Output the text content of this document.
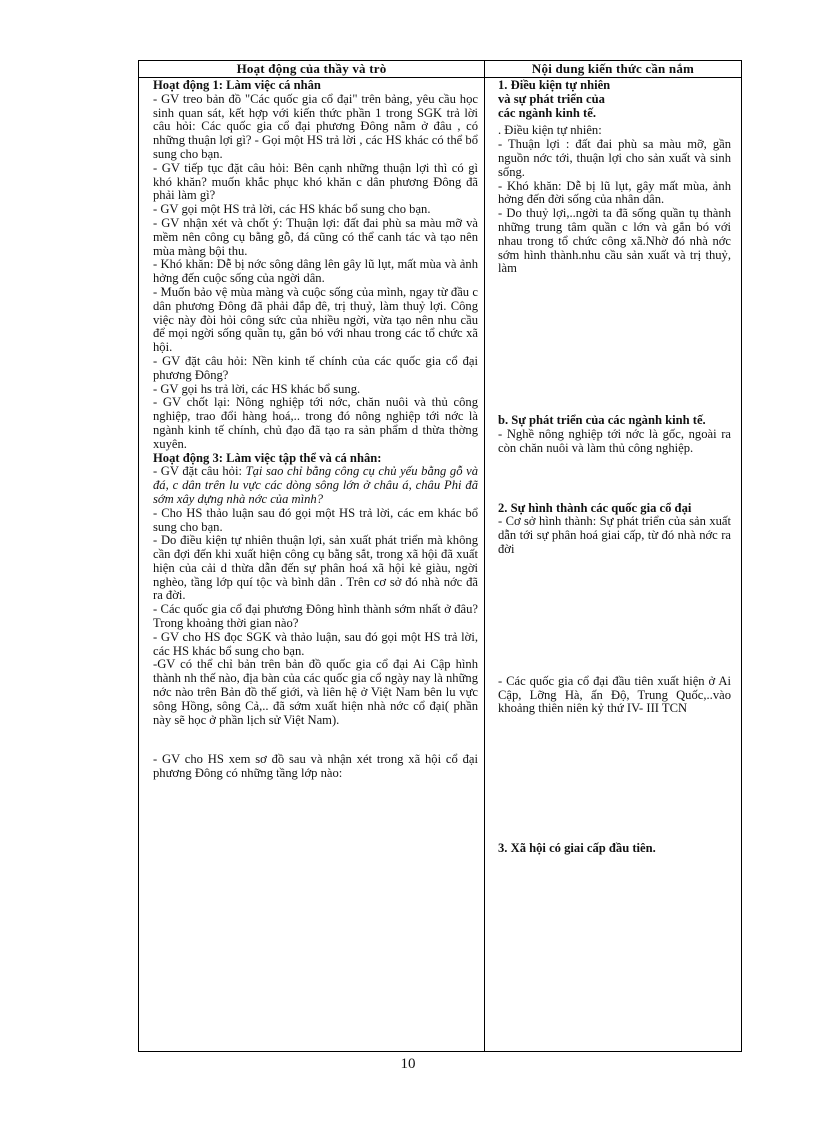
Hoạt động của thầy và trò	Nội dung kiến thức cần nắm

Hoạt động 1: Làm việc cá nhân

- GV treo bản đồ "Các quốc gia cổ đại" trên bảng, yêu cầu học sinh quan sát, kết hợp với kiến thức phần 1 trong SGK trả lời câu hỏi: Các quốc gia cổ đại phương Đông nằm ở đâu , có những thuận lợi gì? - Gọi một HS trả lời , các HS khác có thể bổ sung cho bạn.

- GV tiếp tục đặt câu hỏi: Bên cạnh những thuận lợi thì có gì khó khăn? muốn khắc phục khó khăn c dân phương Đông đã phải làm gì?

- GV gọi một HS trả lời, các HS khác bổ sung cho bạn.

- GV nhận xét và chốt ý: Thuận lợi: đất đai phù sa màu mỡ và mềm nên công cụ bằng gỗ, đá cũng có thể canh tác và tạo nên mùa màng bội thu.

- Khó khăn: Dễ bị nớc sông dâng lên gây lũ lụt, mất mùa và ảnh hởng đến cuộc sống của ngời dân.

- Muốn bảo vệ mùa màng và cuộc sống của mình, ngay từ đầu c dân phương Đông đã phải đắp đê, trị thuỷ, làm thuỷ lợi. Công việc này đòi hỏi công sức của nhiều ngời, vừa tạo nên nhu cầu để mọi ngời sống quần tụ, gắn bó với nhau trong các tổ chức xã hội.

- GV đặt câu hỏi: Nền kinh tế chính của các quốc gia cổ đại phương Đông?

- GV gọi hs trả lời, các HS khác bổ sung.

- GV chốt lại: Nông nghiệp tới nớc, chăn nuôi và thủ công nghiệp, trao đổi hàng hoá,.. trong đó nông nghiệp tới nớc là ngành kinh tế chính, chủ đạo đã tạo ra sản phẩm d thừa thờng xuyên.

Hoạt động 3: Làm việc tập thể và cá nhân:

- GV đặt câu hỏi: Tại sao chỉ bằng công cụ chủ yếu bằng gỗ và đá, c dân trên lu vực các dòng sông lớn ở châu á, châu Phi đã sớm xây dựng nhà nớc của mình?

- Cho HS thảo luận sau đó gọi một HS trả lời, các em khác bổ sung cho bạn.

- Do điều kiện tự nhiên thuận lợi, sản xuất phát triển mà không cần đợi đến khi xuất hiện công cụ bằng sắt, trong xã hội đã xuất hiện của cải d thừa dẫn đến sự phân hoá xã hội kẻ giàu, ngời nghèo, tầng lớp quí tộc và bình dân . Trên cơ sở đó nhà nớc đã ra đời.

- Các quốc gia cổ đại phương Đông hình thành sớm nhất ở đâu? Trong khoảng thời gian nào?

- GV cho HS đọc SGK và thảo luận, sau đó gọi một HS trả lời, các HS khác bổ sung cho bạn.

-GV có thể chỉ bản trên bản đồ quốc gia cổ đại Ai Cập hình thành nh thế nào, địa bàn của các quốc gia cổ ngày nay là những nớc nào trên Bản đồ thế giới, và liên hệ ở Việt Nam bên lu vực sông Hồng, sông Cả,.. đã sớm xuất hiện nhà nớc cổ đại( phần này sẽ học ở phần lịch sử Việt Nam).

- GV cho HS xem sơ đồ sau và nhận xét trong xã hội cổ đại phương Đông có những tầng lớp nào:

1. Điều kiện tự nhiên và sự phát triển của các ngành kinh tế.

. Điều kiện tự nhiên:

- Thuận lợi : đất đai phù sa màu mỡ, gần nguồn nớc tới, thuận lợi cho sản xuất và sinh sống.

- Khó khăn: Dễ bị lũ lụt, gây mất mùa, ảnh hởng đến đời sống của nhân dân.

- Do thuỷ lợi,..ngời ta đã sống quần tụ thành những trung tâm quần c lớn và gắn bó với nhau trong tổ chức công xã.Nhờ đó nhà nớc sớm hình thành.nhu cầu sản xuất và trị thuỷ, làm

b. Sự phát triển của các ngành kinh tế.

- Nghề nông nghiệp tới nớc là gốc, ngoài ra còn chăn nuôi và làm thủ công nghiệp.

2. Sự hình thành các quốc gia cổ đại

- Cơ sở hình thành: Sự phát triển của sản xuất dẫn tới sự phân hoá giai cấp, từ đó nhà nớc ra đời

- Các quốc gia cổ đại đầu tiên xuất hiện ở Ai Cập, Lỡng Hà, ấn Độ, Trung Quốc,..vào khoảng thiên niên kỷ thứ IV- III TCN

3. Xã hội có giai cấp đầu tiên.

10
